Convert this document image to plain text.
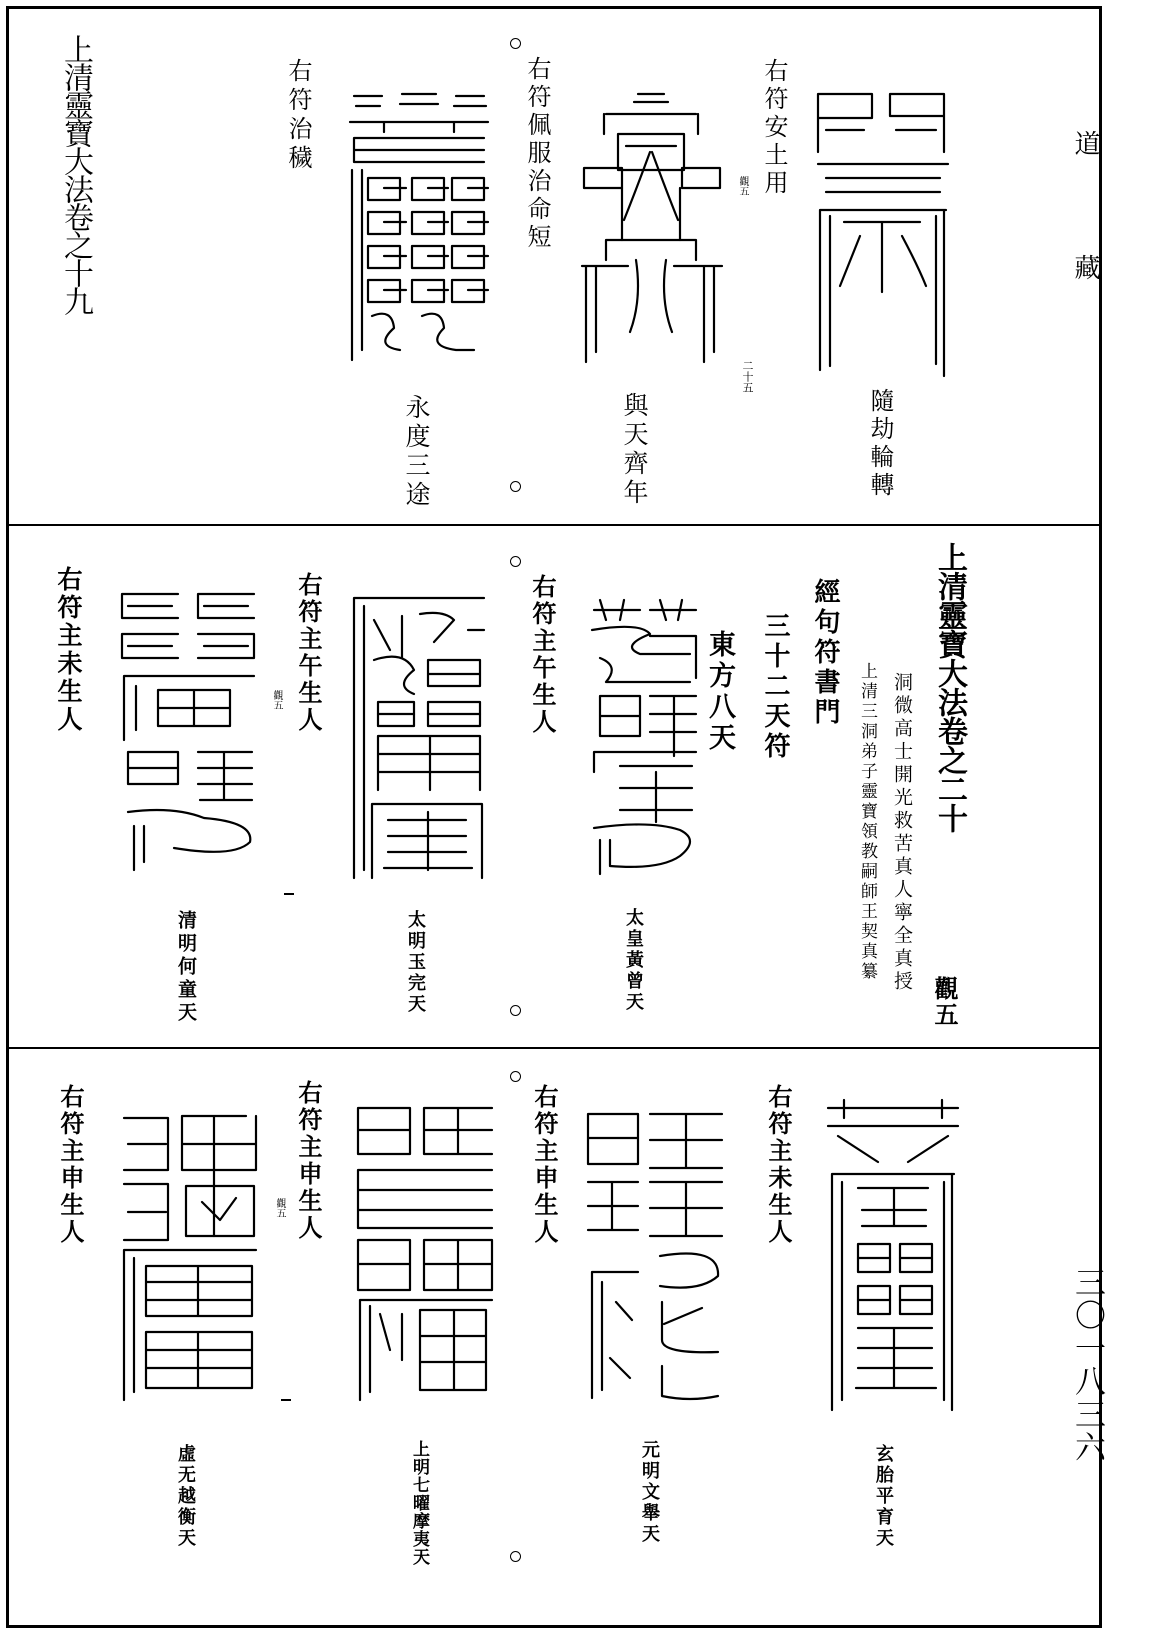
道
藏
三〇一八三六
上清靈寶大法卷之十九	右符治穢
永度三途
右符佩服治命短
與天齊年
二十五
右符安土用
觀五
隨劫輪轉
右符主未生人
清明何童天
右符主午生人
觀五
太明玉完天
右符主午生人
太皇黃曾天
東方八天 三十二天符 經句符書門
上清三洞弟子靈寶領教嗣師王契真纂 洞微高士開光救苦真人寧全真授 上清靈寶大法卷之二十
觀五
右符主申生人
虛无越衡天
右符主申生人
觀五
上明七曜摩夷天
右符主申生人
元明文舉天
右符主未生人
玄胎平育天
